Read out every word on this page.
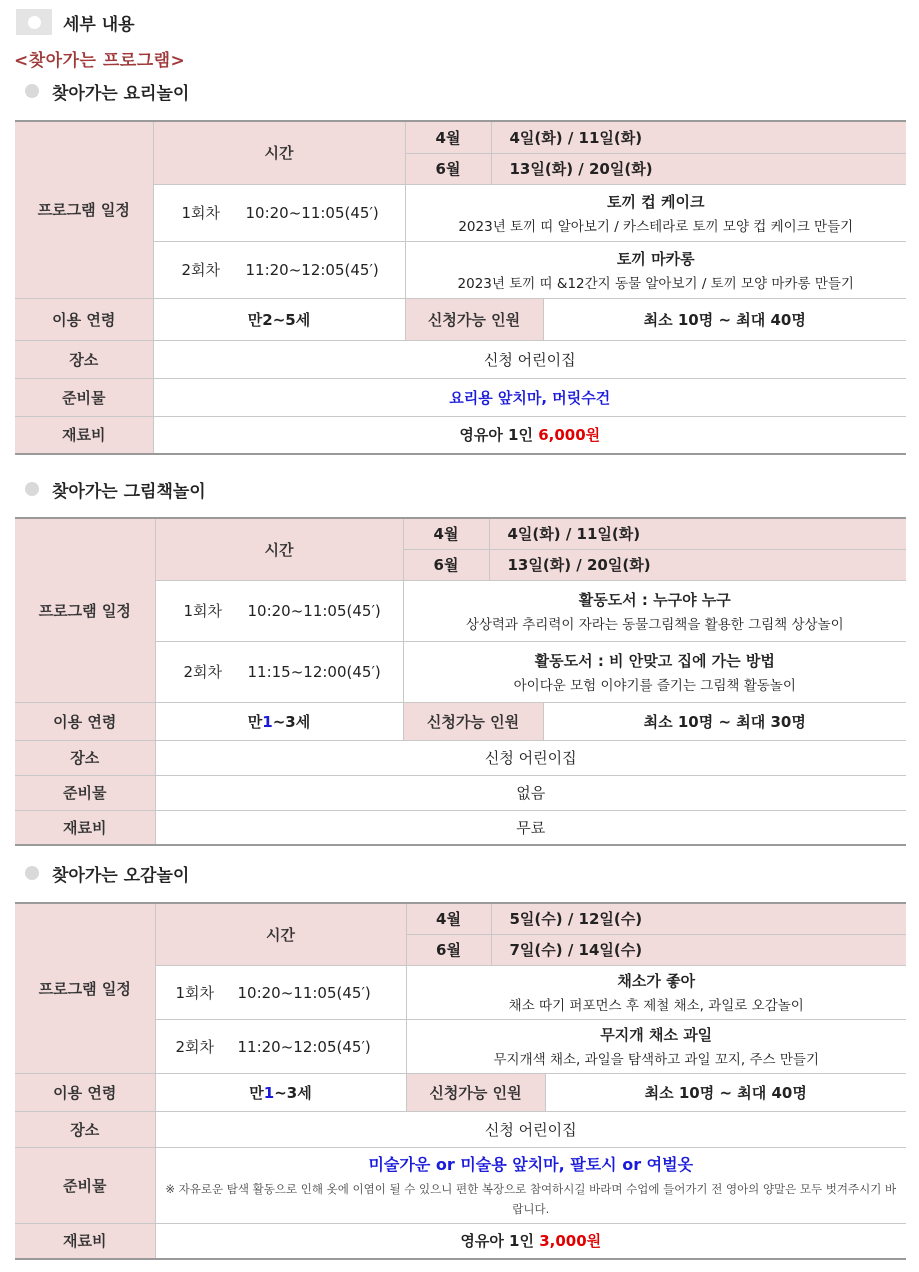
세부 내용
<찾아가는 프로그램>
찾아가는 요리놀이
프로그램 일정	시간	4월	4일(화) / 11일(화)	
		6월	13일(화) / 20일(화)	
	1회차 10:20~11:05(45′)	토끼 컵 케이크
2023년 토끼 띠 알아보기 / 카스테라로 토끼 모양 컵 케이크 만들기		

	2회차 11:20~12:05(45′)	토끼 마카롱
2023년 토끼 띠 &12간지 동물 알아보기 / 토끼 모양 마카롱 만들기		

이용 연령	만2~5세	신청가능 인원		최소 10명 ~ 최대 40명
장소	신청 어린이집			
준비물	요리용 앞치마, 머릿수건			
재료비	영유아 1인 6,000원			
찾아가는 그림책놀이
프로그램 일정	시간	4월	4일(화) / 11일(화)	
		6월	13일(화) / 20일(화)	
	1회차 10:20~11:05(45′)	활동도서 : 누구야 누구
상상력과 추리력이 자라는 동물그림책을 활용한 그림책 상상놀이		

	2회차 11:15~12:00(45′)	활동도서 : 비 안맞고 집에 가는 방법
아이다운 모험 이야기를 즐기는 그림책 활동놀이		

이용 연령	만1~3세	신청가능 인원		최소 10명 ~ 최대 30명
장소	신청 어린이집			
준비물	없음			
재료비	무료			
찾아가는 오감놀이
프로그램 일정	시간	4월	5일(수) / 12일(수)	
		6월	7일(수) / 14일(수)	
	1회차 10:20~11:05(45′)	채소가 좋아
채소 따기 퍼포먼스 후 제철 채소, 과일로 오감놀이		

	2회차 11:20~12:05(45′)	무지개 채소 과일
무지개색 채소, 과일을 탐색하고 과일 꼬지, 주스 만들기		

이용 연령	만1~3세	신청가능 인원		최소 10명 ~ 최대 40명
장소	신청 어린이집			
준비물	미술가운 or 미술용 앞치마, 팔토시 or 여벌옷
※ 자유로운 탐색 활동으로 인해 옷에 이염이 될 수 있으니 편한 복장으로 참여하시길 바라며 수업에 들어가기 전 영아의 양말은 모두 벗겨주시기 바랍니다.			

재료비	영유아 1인 3,000원			
